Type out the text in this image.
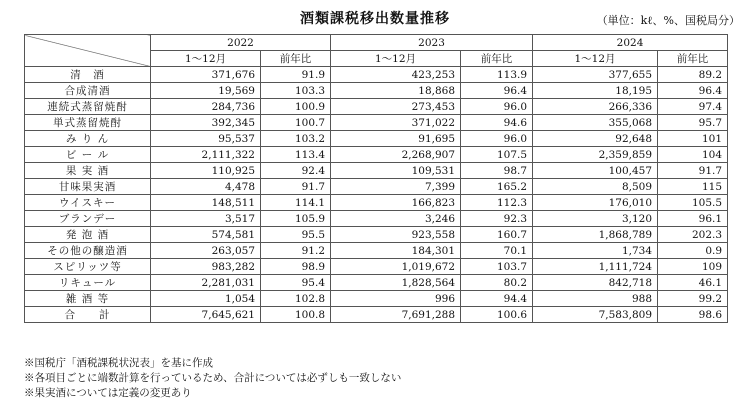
酒類課税移出数量推移	（単位：kℓ、%、国税局分）
	2022		2023		2024	
	1〜12月	前年比	1〜12月	前年比	1〜12月	前年比
清　酒	371,676	91.9	423,253	113.9	377,655	89.2
合成清酒	19,569	103.3	18,868	96.4	18,195	96.4
連続式蒸留焼酎	284,736	100.9	273,453	96.0	266,336	97.4
単式蒸留焼酎	392,345	100.7	371,022	94.6	355,068	95.7
み り ん	95,537	103.2	91,695	96.0	92,648	101
ビ ー ル	2,111,322	113.4	2,268,907	107.5	2,359,859	104
果 実 酒	110,925	92.4	109,531	98.7	100,457	91.7
甘味果実酒	4,478	91.7	7,399	165.2	8,509	115
ウイスキー	148,511	114.1	166,823	112.3	176,010	105.5
ブランデー	3,517	105.9	3,246	92.3	3,120	96.1
発 泡 酒	574,581	95.5	923,558	160.7	1,868,789	202.3
その他の醸造酒	263,057	91.2	184,301	70.1	1,734	0.9
スピリッツ等	983,282	98.9	1,019,672	103.7	1,111,724	109
リキュール	2,281,031	95.4	1,828,564	80.2	842,718	46.1
雑 酒 等	1,054	102.8	996	94.4	988	99.2
合　　計	7,645,621	100.8	7,691,288	100.6	7,583,809	98.6
※国税庁「酒税課税状況表」を基に作成
※各項目ごとに端数計算を行っているため、合計については必ずしも一致しない
※果実酒については定義の変更あり
